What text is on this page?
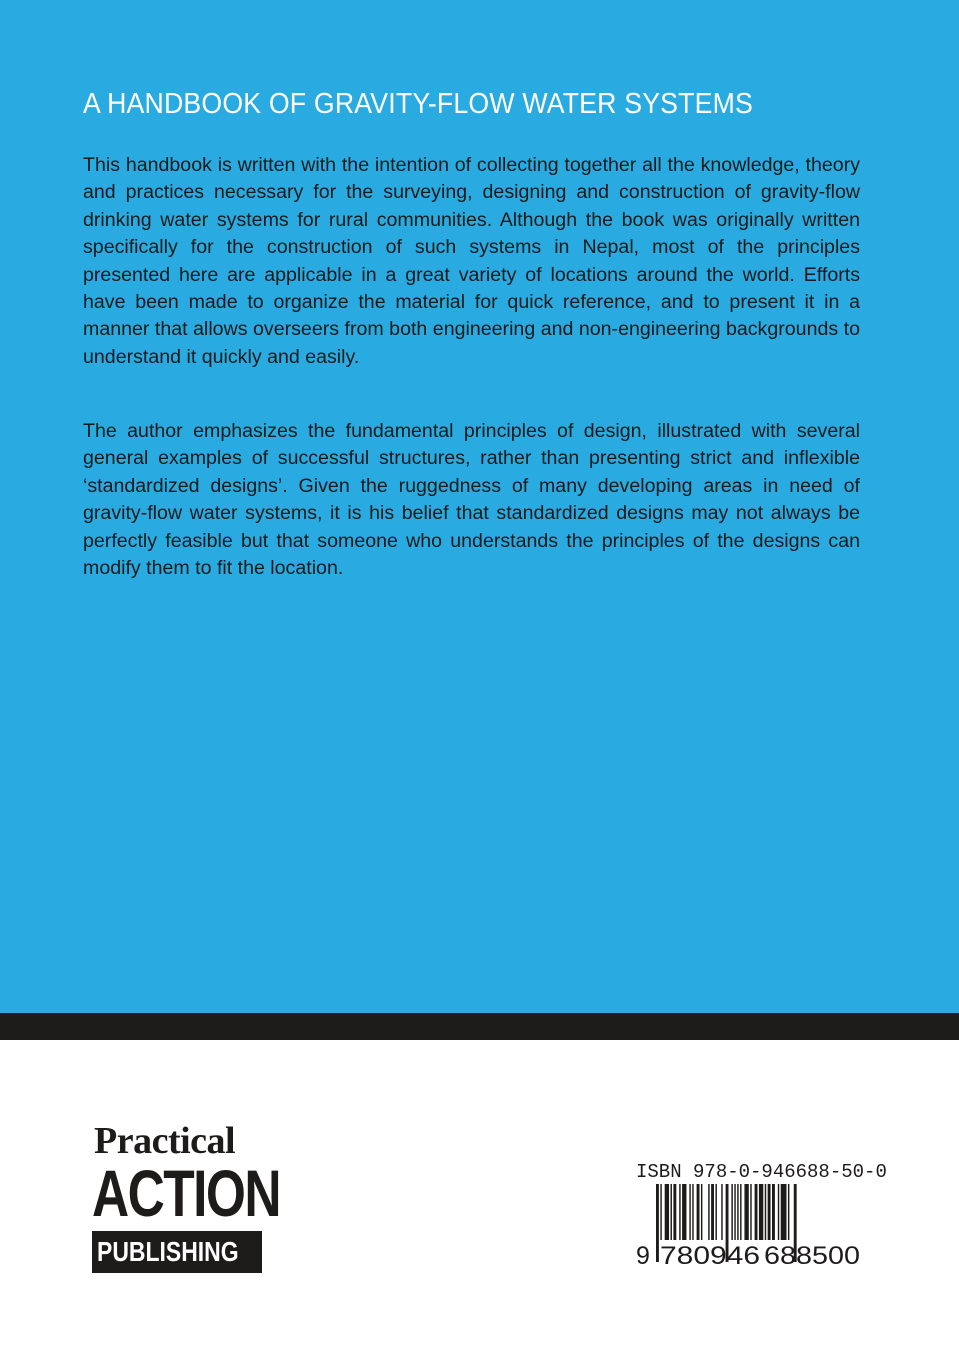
A HANDBOOK OF GRAVITY-FLOW WATER SYSTEMS

This handbook is written with the intention of collecting together all the knowledge, theory and practices necessary for the surveying, designing and construction of gravity-flow drinking water systems for rural communities. Although the book was originally written specifically for the construction of such systems in Nepal, most of the principles presented here are applicable in a great variety of locations around the world. Efforts have been made to organize the material for quick reference, and to present it in a manner that allows overseers from both engineering and non-engineering backgrounds to understand it quickly and easily.

The author emphasizes the fundamental principles of design, illustrated with several general examples of successful structures, rather than presenting strict and inflexible ‘standardized designs’. Given the ruggedness of many developing areas in need of gravity-flow water systems, it is his belief that standardized designs may not always be perfectly feasible but that someone who understands the principles of the designs can modify them to fit the location.

Practical
ACTION
PUBLISHING
ISBN 978-0-946688-50-0
9 780946 688500
